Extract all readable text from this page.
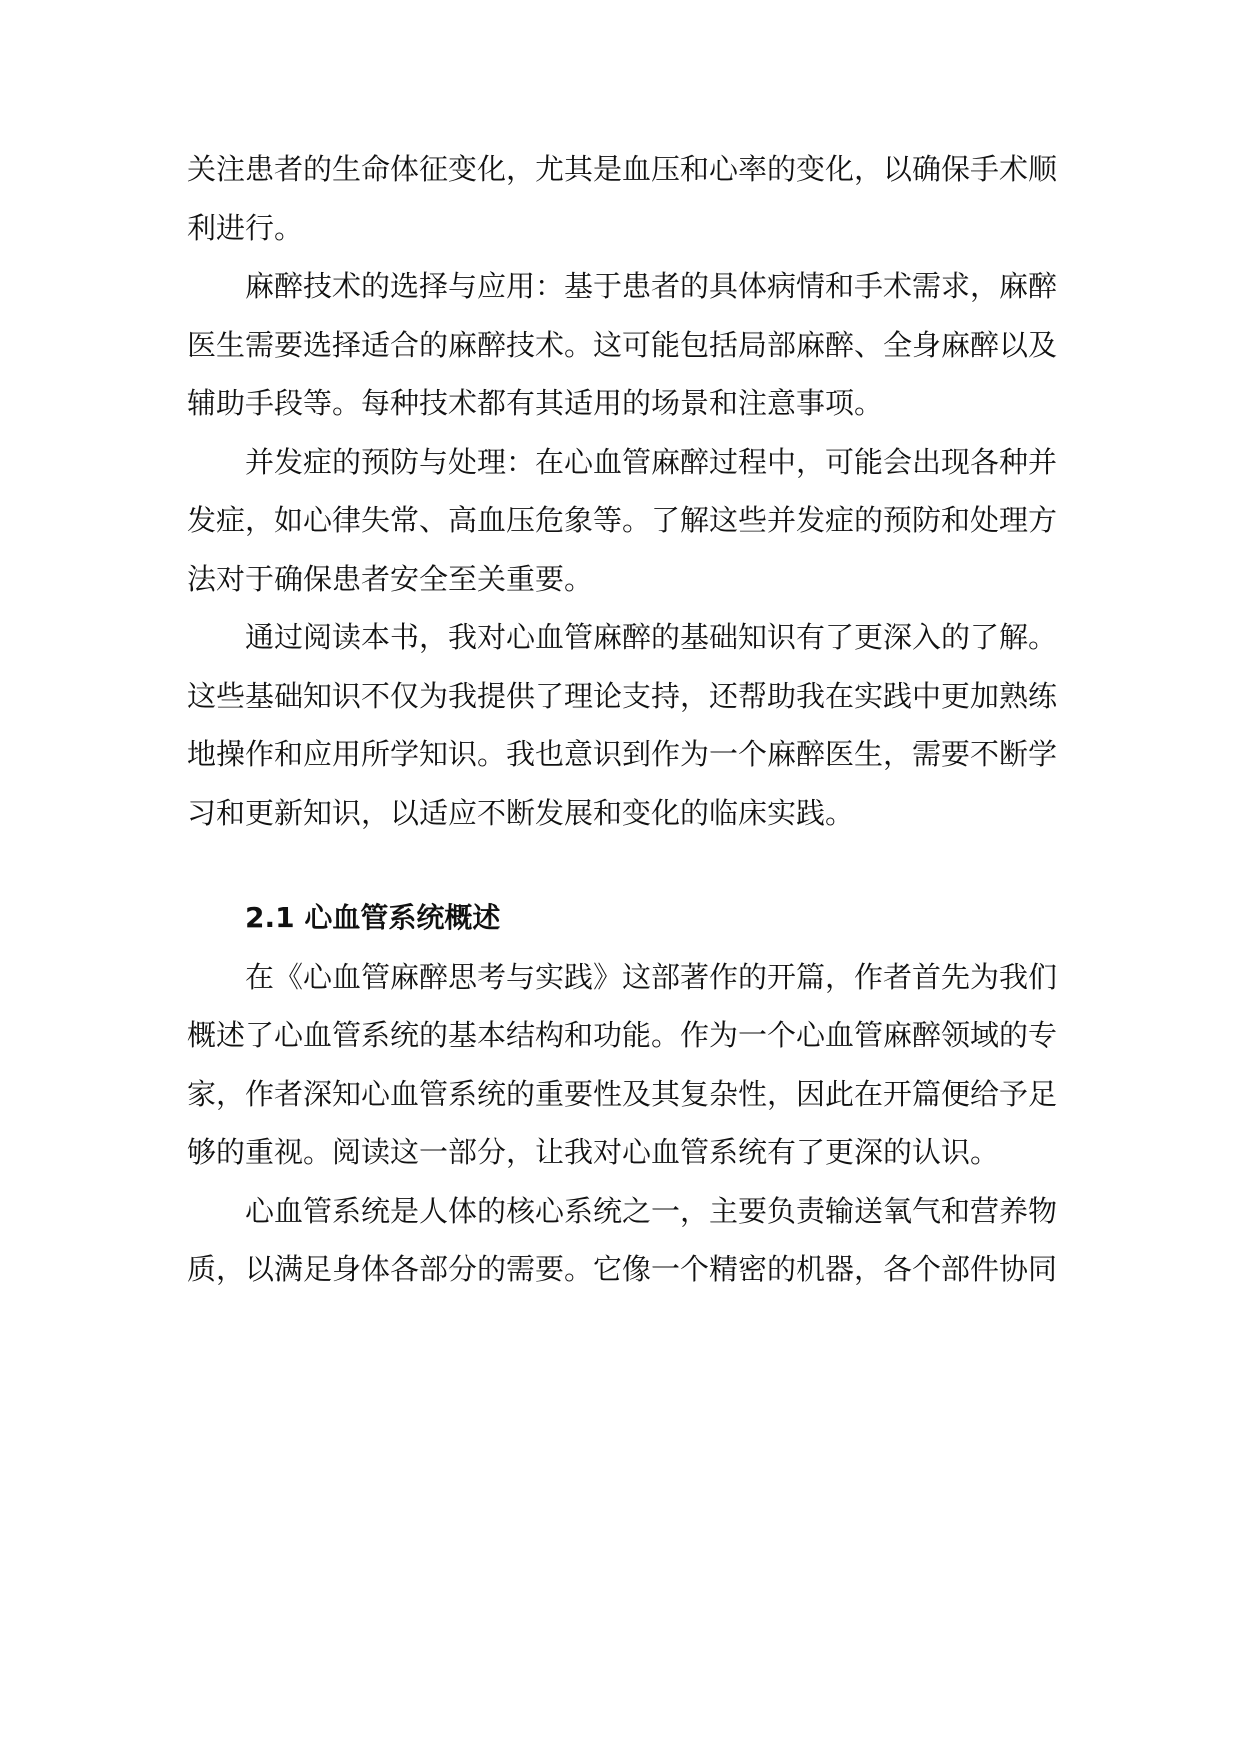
关注患者的生命体征变化，尤其是血压和心率的变化，以确保手术顺利进行。

麻醉技术的选择与应用：基于患者的具体病情和手术需求，麻醉医生需要选择适合的麻醉技术。这可能包括局部麻醉、全身麻醉以及辅助手段等。每种技术都有其适用的场景和注意事项。

并发症的预防与处理：在心血管麻醉过程中，可能会出现各种并发症，如心律失常、高血压危象等。了解这些并发症的预防和处理方法对于确保患者安全至关重要。

通过阅读本书，我对心血管麻醉的基础知识有了更深入的了解。这些基础知识不仅为我提供了理论支持，还帮助我在实践中更加熟练地操作和应用所学知识。我也意识到作为一个麻醉医生，需要不断学习和更新知识，以适应不断发展和变化的临床实践。

2.1 心血管系统概述

在《心血管麻醉思考与实践》这部著作的开篇，作者首先为我们概述了心血管系统的基本结构和功能。作为一个心血管麻醉领域的专家，作者深知心血管系统的重要性及其复杂性，因此在开篇便给予足够的重视。阅读这一部分，让我对心血管系统有了更深的认识。

心血管系统是人体的核心系统之一，主要负责输送氧气和营养物质，以满足身体各部分的需要。它像一个精密的机器，各个部件协同
